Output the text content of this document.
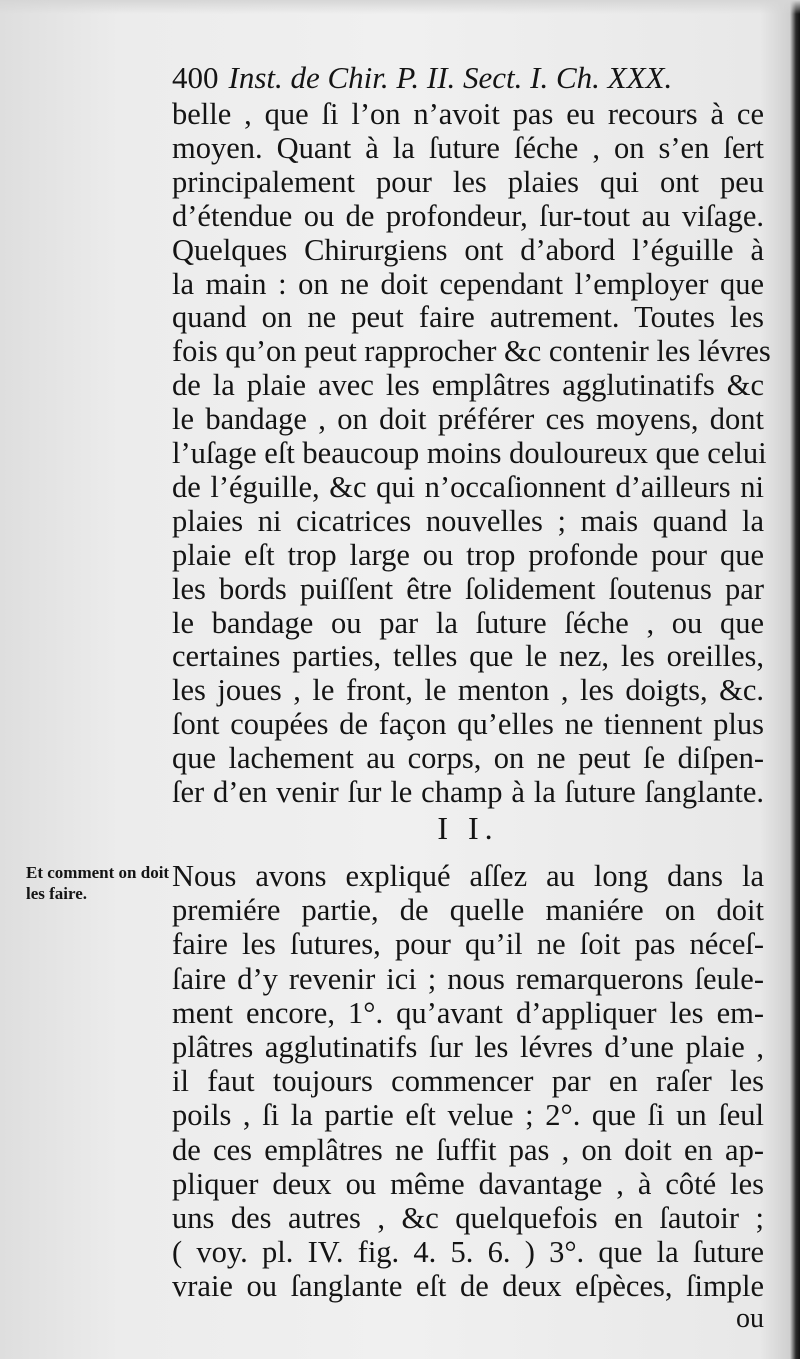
400 Inst. de Chir. P. II. Sect. I. Ch. XXX.
belle , que ſi l’on n’avoit pas eu recours à ce
moyen. Quant à la ſuture ſéche , on s’en ſert
principalement pour les plaies qui ont peu
d’étendue ou de profondeur, ſur-tout au viſage.
Quelques Chirurgiens ont d’abord l’éguille à
la main : on ne doit cependant l’employer que
quand on ne peut faire autrement. Toutes les
fois qu’on peut rapprocher &c contenir les lévres
de la plaie avec les emplâtres agglutinatifs &c
le bandage , on doit préférer ces moyens, dont
l’uſage eſt beaucoup moins douloureux que celui
de l’éguille, &c qui n’occaſionnent d’ailleurs ni
plaies ni cicatrices nouvelles ; mais quand la
plaie eſt trop large ou trop profonde pour que
les bords puiſſent être ſolidement ſoutenus par
le bandage ou par la ſuture ſéche , ou que
certaines parties, telles que le nez, les oreilles,
les joues , le front, le menton , les doigts, &c.
ſont coupées de façon qu’elles ne tiennent plus
que lachement au corps, on ne peut ſe diſpen-
ſer d’en venir ſur le champ à la ſuture ſanglante.
I I.
Et comment on doit les faire.
Nous avons expliqué aſſez au long dans la
premiére partie, de quelle maniére on doit
faire les ſutures, pour qu’il ne ſoit pas néceſ-
ſaire d’y revenir ici ; nous remarquerons ſeule-
ment encore, 1°. qu’avant d’appliquer les em-
plâtres agglutinatifs ſur les lévres d’une plaie ,
il faut toujours commencer par en raſer les
poils , ſi la partie eſt velue ; 2°. que ſi un ſeul
de ces emplâtres ne ſuffit pas , on doit en ap-
pliquer deux ou même davantage , à côté les
uns des autres , &c quelquefois en ſautoir ;
( voy. pl. IV. fig. 4. 5. 6. ) 3°. que la ſuture
vraie ou ſanglante eſt de deux eſpèces, ſimple
ou
